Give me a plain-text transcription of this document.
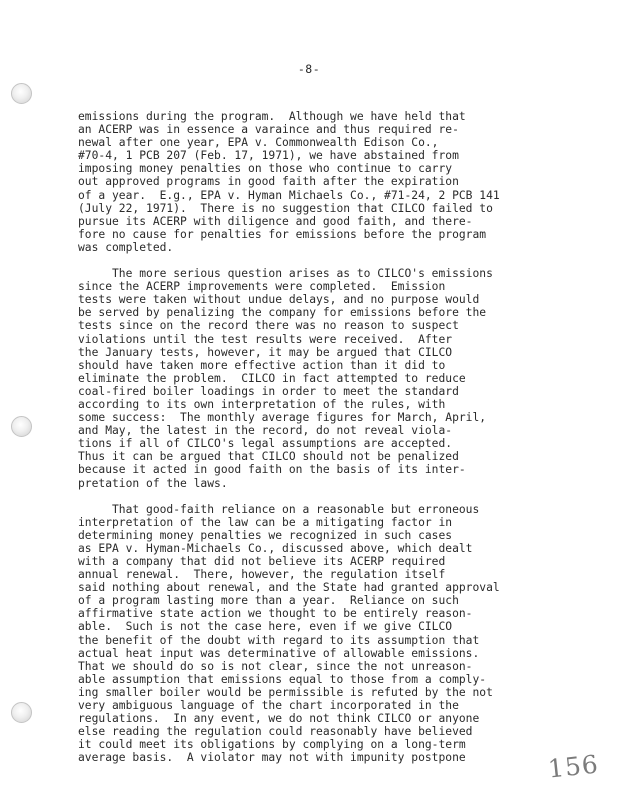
-8-
emissions during the program.  Although we have held that
an ACERP was in essence a varaince and thus required re-
newal after one year, EPA v. Commonwealth Edison Co.,
#70-4, 1 PCB 207 (Feb. 17, 1971), we have abstained from
imposing money penalties on those who continue to carry
out approved programs in good faith after the expiration
of a year.  E.g., EPA v. Hyman Michaels Co., #71-24, 2 PCB 141
(July 22, 1971).  There is no suggestion that CILCO failed to
pursue its ACERP with diligence and good faith, and there-
fore no cause for penalties for emissions before the program
was completed.
The more serious question arises as to CILCO's emissions
since the ACERP improvements were completed.  Emission
tests were taken without undue delays, and no purpose would
be served by penalizing the company for emissions before the
tests since on the record there was no reason to suspect
violations until the test results were received.  After
the January tests, however, it may be argued that CILCO
should have taken more effective action than it did to
eliminate the problem.  CILCO in fact attempted to reduce
coal-fired boiler loadings in order to meet the standard
according to its own interpretation of the rules, with
some success:  The monthly average figures for March, April,
and May, the latest in the record, do not reveal viola-
tions if all of CILCO's legal assumptions are accepted.
Thus it can be argued that CILCO should not be penalized
because it acted in good faith on the basis of its inter-
pretation of the laws.
That good-faith reliance on a reasonable but erroneous
interpretation of the law can be a mitigating factor in
determining money penalties we recognized in such cases
as EPA v. Hyman-Michaels Co., discussed above, which dealt
with a company that did not believe its ACERP required
annual renewal.  There, however, the regulation itself
said nothing about renewal, and the State had granted approval
of a program lasting more than a year.  Reliance on such
affirmative state action we thought to be entirely reason-
able.  Such is not the case here, even if we give CILCO
the benefit of the doubt with regard to its assumption that
actual heat input was determinative of allowable emissions.
That we should do so is not clear, since the not unreason-
able assumption that emissions equal to those from a comply-
ing smaller boiler would be permissible is refuted by the not
very ambiguous language of the chart incorporated in the
regulations.  In any event, we do not think CILCO or anyone
else reading the regulation could reasonably have believed
it could meet its obligations by complying on a long-term
average basis.  A violator may not with impunity postpone	156
